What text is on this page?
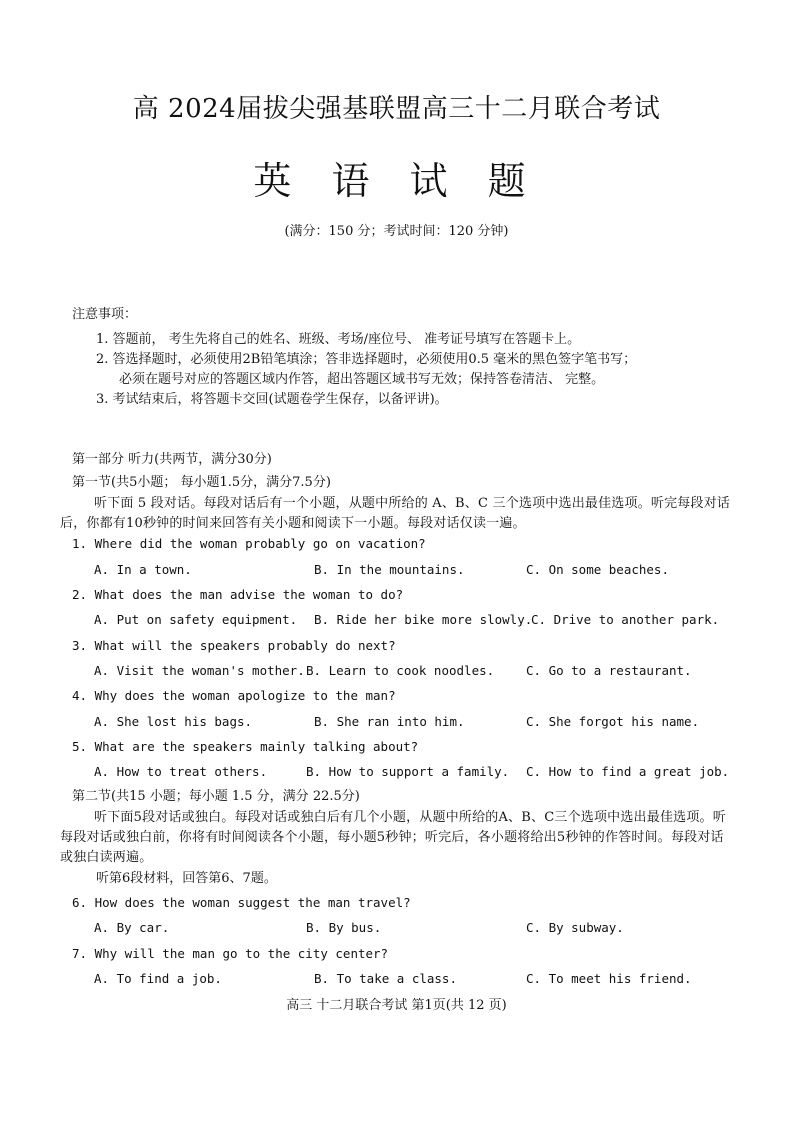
高 2024届拔尖强基联盟高三十二月联合考试
英 语 试 题
(满分：150 分；考试时间：120 分钟)
注意事项：
1. 答题前， 考生先将自己的姓名、班级、考场/座位号、 准考证号填写在答题卡上。
2. 答选择题时，必须使用2B铅笔填涂；答非选择题时，必须使用0.5 毫米的黑色签字笔书写；
必须在题号对应的答题区域内作答，超出答题区域书写无效；保持答卷清洁、 完整。
3. 考试结束后，将答题卡交回(试题卷学生保存，以备评讲)。
第一部分 听力(共两节，满分30分)
第一节(共5小题； 每小题1.5分，满分7.5分)
听下面 5 段对话。每段对话后有一个小题，从题中所给的 A、B、C 三个选项中选出最佳选项。听完每段对话后，你都有10秒钟的时间来回答有关小题和阅读下一小题。每段对话仅读一遍。
1. Where did the woman probably go on vacation?
A. In a town.	B. In the mountains.	C. On some beaches.
2. What does the man advise the woman to do?
A. Put on safety equipment. B. Ride her bike more slowly.
C. Drive to another park.
3. What will the speakers probably do next?
A. Visit the woman's mother. B. Learn to cook noodles.	C. Go to a restaurant.
4. Why does the woman apologize to the man?
A. She lost his bags.	B. She ran into him.	C. She forgot his name.
5. What are the speakers mainly talking about?
A. How to treat others.	B. How to support a family. C. How to find a great job.
第二节(共15 小题；每小题 1.5 分，满分 22.5分)
听下面5段对话或独白。每段对话或独白后有几个小题，从题中所给的A、B、C三个选项中选出最佳选项。听每段对话或独白前，你将有时间阅读各个小题，每小题5秒钟；听完后，各小题将给出5秒钟的作答时间。每段对话或独白读两遍。
听第6段材料，回答第6、7题。
6. How does the woman suggest the man travel?
A. By car.	B. By bus.	C. By subway.
7. Why will the man go to the city center?
A. To find a job.	B. To take a class.	C. To meet his friend.
高三 十二月联合考试 第1页(共 12 页)
